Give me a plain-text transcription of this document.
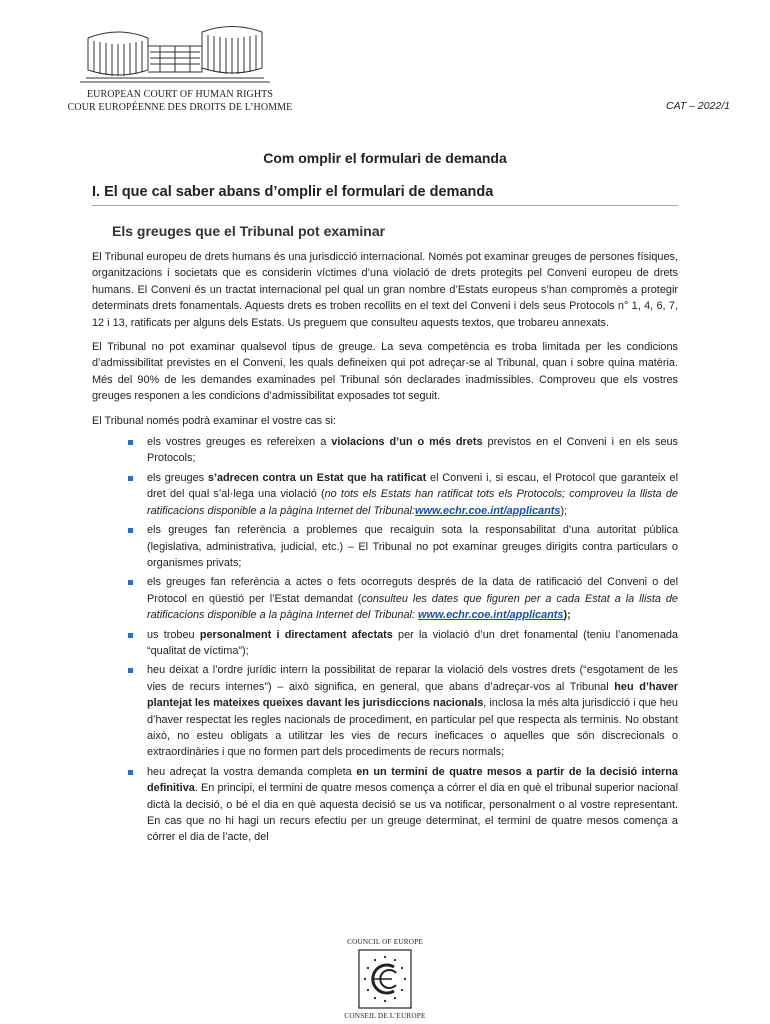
EUROPEAN COURT OF HUMAN RIGHTS
COUR EUROPÉENNE DES DROITS DE L’HOMME	CAT – 2022/1
Com omplir el formulari de demanda
I. El que cal saber abans d’omplir el formulari de demanda
Els greuges que el Tribunal pot examinar

El Tribunal europeu de drets humans és una jurisdicció internacional. Només pot examinar greuges de persones físiques, organitzacions i societats que es considerin víctimes d’una violació de drets protegits pel Conveni europeu de drets humans. El Conveni és un tractat internacional pel qual un gran nombre d’Estats europeus s’han compromès a protegir determinats drets fonamentals. Aquests drets es troben recollits en el text del Conveni i dels seus Protocols n° 1, 4, 6, 7, 12 i 13, ratificats per alguns dels Estats. Us preguem que consulteu aquests textos, que trobareu annexats.

El Tribunal no pot examinar qualsevol tipus de greuge. La seva competència es troba limitada per les condicions d’admissibilitat previstes en el Conveni, les quals defineixen qui pot adreçar-se al Tribunal, quan i sobre quina matèria. Més del 90% de les demandes examinades pel Tribunal són declarades inadmissibles. Comproveu que els vostres greuges responen a les condicions d’admissibilitat exposades tot seguit.

El Tribunal només podrà examinar el vostre cas si:

els vostres greuges es refereixen a violacions d’un o més drets previstos en el Conveni i en els seus Protocols;
els greuges s’adrecen contra un Estat que ha ratificat el Conveni i, si escau, el Protocol que garanteix el dret del qual s’al·lega una violació (no tots els Estats han ratificat tots els Protocols; comproveu la llista de ratificacions disponible a la pàgina Internet del Tribunal:www.echr.coe.int/applicants);
els greuges fan referència a problemes que recaiguin sota la responsabilitat d’una autoritat pública (legislativa, administrativa, judicial, etc.) – El Tribunal no pot examinar greuges dirigits contra particulars o organismes privats;
els greuges fan referència a actes o fets ocorreguts després de la data de ratificació del Conveni o del Protocol en qüestió per l’Estat demandat (consulteu les dates que figuren per a cada Estat a la llista de ratificacions disponible a la pàgina Internet del Tribunal: www.echr.coe.int/applicants);
us trobeu personalment i directament afectats per la violació d’un dret fonamental (teniu l’anomenada “qualitat de víctima”);
heu deixat a l’ordre jurídic intern la possibilitat de reparar la violació dels vostres drets (“esgotament de les vies de recurs internes”) – això significa, en general, que abans d’adreçar-vos al Tribunal heu d’haver plantejat les mateixes queixes davant les jurisdiccions nacionals, inclosa la més alta jurisdicció i que heu d’haver respectat les regles nacionals de procediment, en particular pel que respecta als terminis. No obstant això, no esteu obligats a utilitzar les vies de recurs ineficaces o aquelles que són discrecionals o extraordinàries i que no formen part dels procediments de recurs normals;
heu adreçat la vostra demanda completa en un termini de quatre mesos a partir de la decisió interna definitiva. En principi, el termini de quatre mesos comença a córrer el dia en què el tribunal superior nacional dictà la decisió, o bé el dia en què aquesta decisió se us va notificar, personalment o al vostre representant. En cas que no hi hagi un recurs efectiu per un greuge determinat, el termini de quatre mesos comença a córrer el dia de l’acte, del
COUNCIL OF EUROPE
CONSEIL DE L’EUROPE
